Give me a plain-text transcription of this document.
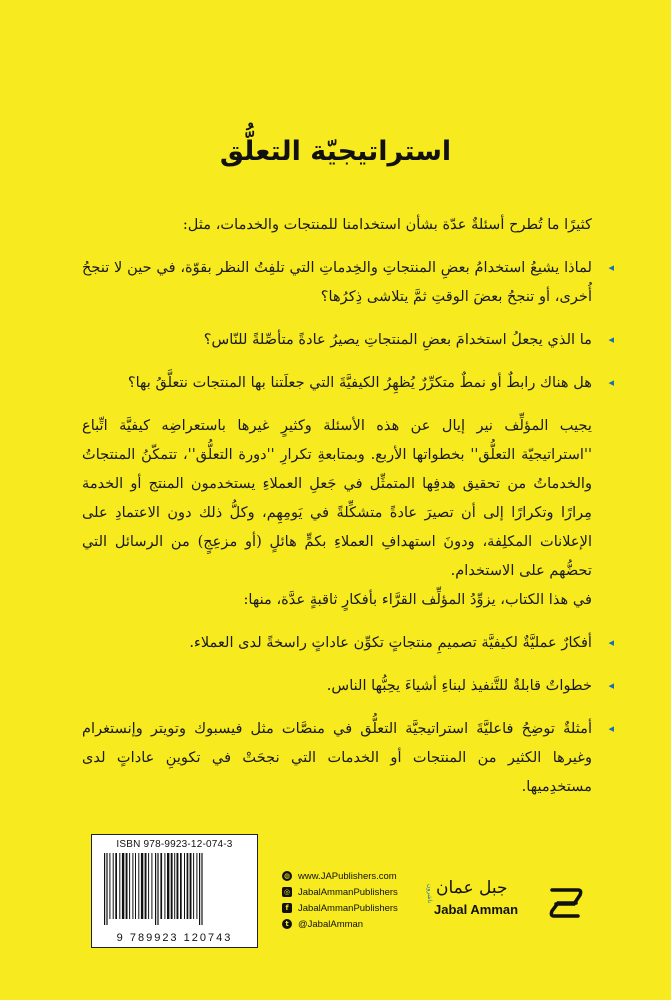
استراتيجيّة التعلُّق

كثيرًا ما تُطرح أسئلةٌ عدّة بشأن استخدامنا للمنتجات والخدمات، مثل:

◂
لماذا يشيعُ استخدامُ بعضِ المنتجاتِ والخِدماتِ التي تلفِتُ النظر بقوّة، في حين لا تنجحُ أُخرى، أو تنجحُ بعضَ الوقتِ ثمَّ يتلاشى ذِكرُها؟
◂
ما الذي يجعلُ استخدامَ بعضِ المنتجاتِ يصيرُ عادةً متأصِّلةً للنّاس؟
◂
هل هناك رابطٌ أو نمطٌ متكرِّرٌ يُظهِرُ الكيفيَّةَ التي جعلَتنا بها المنتجات نتعلَّقُ بها؟

يجيب المؤلِّف نير إيال عن هذه الأسئلة وكثيرٍ غيرها باستعراضِه كيفيَّة اتِّباع ''استراتيجيّة التعلُّق'' بخطواتها الأربع. وبمتابعةِ تكرارِ ''دورة التعلُّق''، تتمكّنُ المنتجاتُ والخدماتُ من تحقيق هدفِها المتمثِّل في جَعلِ العملاءِ يستخدمون المنتج أو الخدمة مِرارًا وتكرارًا إلى أن تصيرَ عادةً متشكِّلةً في يَومِهِم، وكلُّ ذلك دون الاعتمادِ على الإعلانات المكلِفة، ودونَ استهدافِ العملاءِ بكمٍّ هائلٍ (أو مزعِجٍ) من الرسائل التي تحضُّهم على الاستخدام.

في هذا الكتاب، يزوِّدُ المؤلِّف القرَّاء بأفكارٍ ثاقبةٍ عدَّة، منها:

◂
أفكارٌ عمليَّةٌ لكيفيَّة تصميمِ منتجاتٍ تكوِّن عاداتٍ راسخةً لدى العملاء.
◂
خطواتٌ قابلةٌ للتَّنفيذ لبناءِ أشياءَ يحِبُّها الناس.
◂
أمثلةٌ توضِحُ فاعليَّةَ استراتيجيَّة التعلُّق في منصَّات مثل فيسبوك وتويتر وإنستغرام وغيرها الكثير من المنتجات أو الخدمات التي نجحَتْ في تكوينِ عاداتٍ لدى مستخدِميها.
ISBN 978-9923-12-074-3
9 789923 120743
◍ www.JAPublishers.com
◎ JabalAmmanPublishers
f JabalAmmanPublishers
t @JabalAmman
ناشرون جبل عمان
Jabal Amman
